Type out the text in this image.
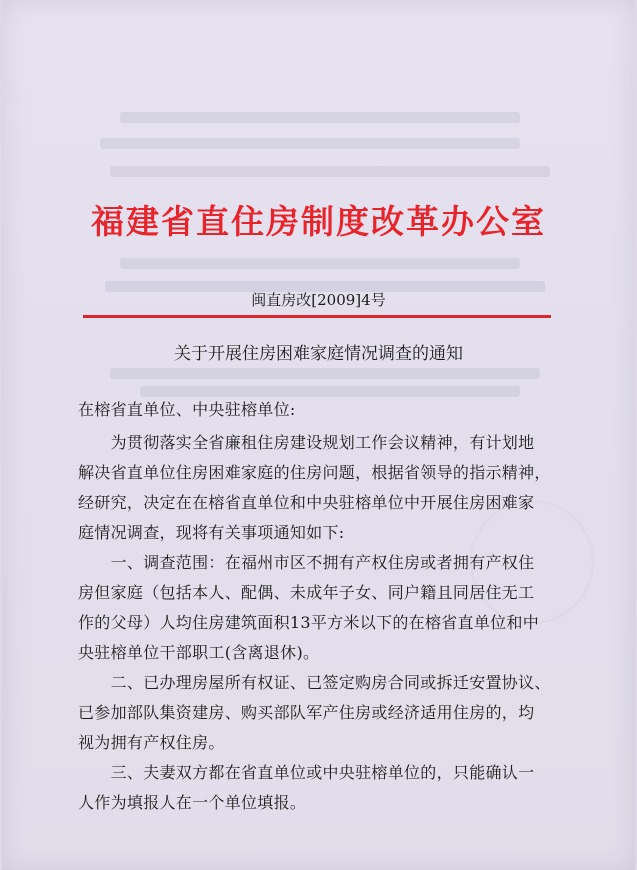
福建省直住房制度改革办公室
闽直房改[2009]4号
关于开展住房困难家庭情况调查的通知
在榕省直单位、中央驻榕单位:
　　为贯彻落实全省廉租住房建设规划工作会议精神，有计划地
解决省直单位住房困难家庭的住房问题，根据省领导的指示精神，
经研究，决定在在榕省直单位和中央驻榕单位中开展住房困难家
庭情况调查，现将有关事项通知如下:
　　一、调查范围：在福州市区不拥有产权住房或者拥有产权住
房但家庭（包括本人、配偶、未成年子女、同户籍且同居住无工
作的父母）人均住房建筑面积13平方米以下的在榕省直单位和中
央驻榕单位干部职工(含离退休)。
　　二、已办理房屋所有权证、已签定购房合同或拆迁安置协议、
已参加部队集资建房、购买部队军产住房或经济适用住房的，均
视为拥有产权住房。
　　三、夫妻双方都在省直单位或中央驻榕单位的，只能确认一
人作为填报人在一个单位填报。
